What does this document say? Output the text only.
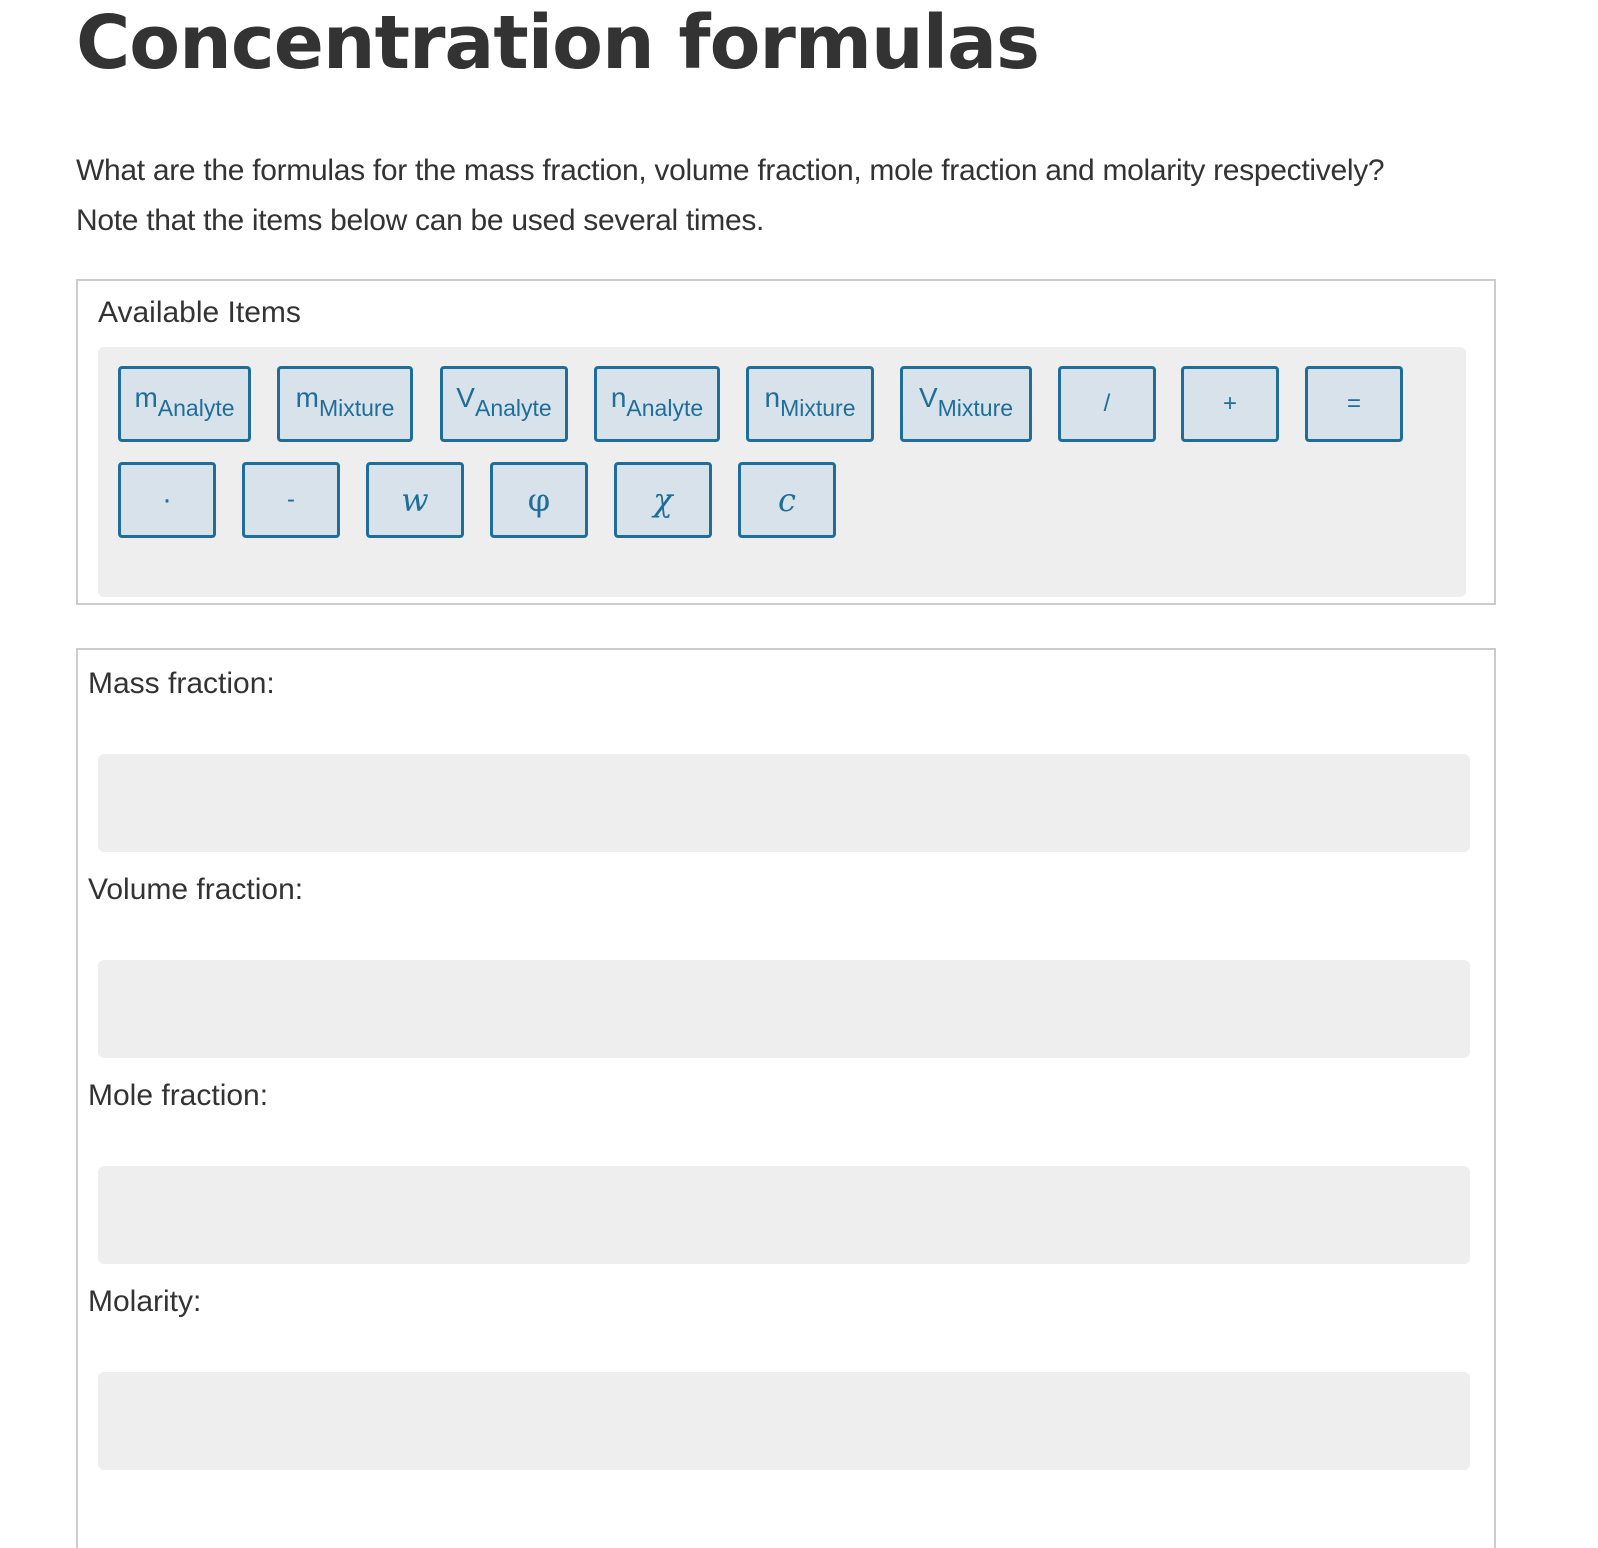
Concentration formulas

What are the formulas for the mass fraction, volume fraction, mole fraction and molarity respectively?

Note that the items below can be used several times.

Available Items
m Analyte m Mixture V Analyte n Analyte n Mixture V Mixture	/	+	=
·	-	w	φ	χ	c
Mass fraction:
Volume fraction:
Mole fraction:
Molarity:
